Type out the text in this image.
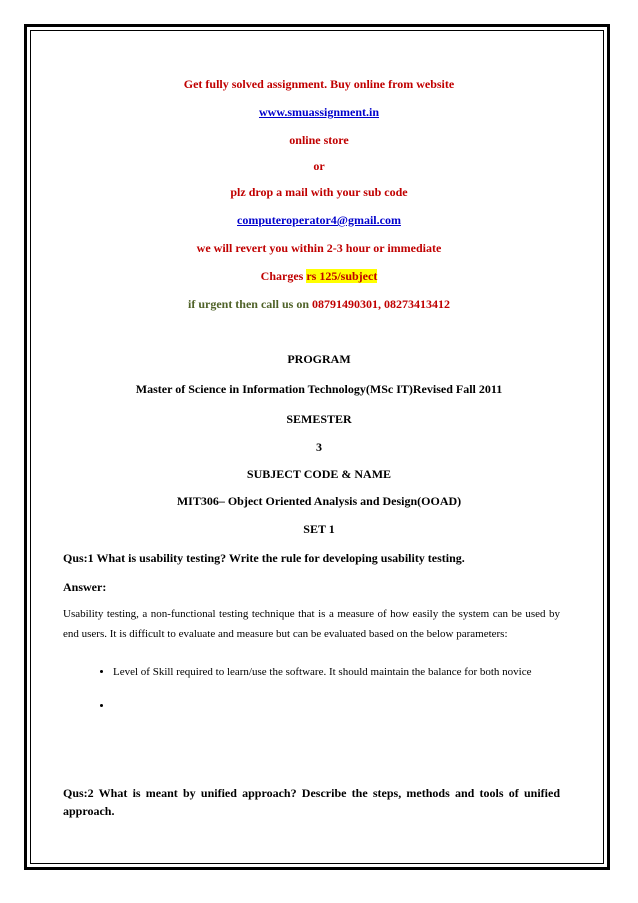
Get fully solved assignment. Buy online from website
www.smuassignment.in
online store
or
plz drop a mail with your sub code
computeroperator4@gmail.com
we will revert you within 2-3 hour or immediate
Charges rs 125/subject
if urgent then call us on 08791490301, 08273413412
PROGRAM
Master of Science in Information Technology(MSc IT)Revised Fall 2011
SEMESTER
3
SUBJECT CODE & NAME
MIT306– Object Oriented Analysis and Design(OOAD)
SET 1
Qus:1 What is usability testing? Write the rule for developing usability testing.
Answer:

Usability testing, a non-functional testing technique that is a measure of how easily the system can be used by end users. It is difficult to evaluate and measure but can be evaluated based on the below parameters:

• Level of Skill required to learn/use the software. It should maintain the balance for both novice
•
Qus:2 What is meant by unified approach? Describe the steps, methods and tools of unified approach.
